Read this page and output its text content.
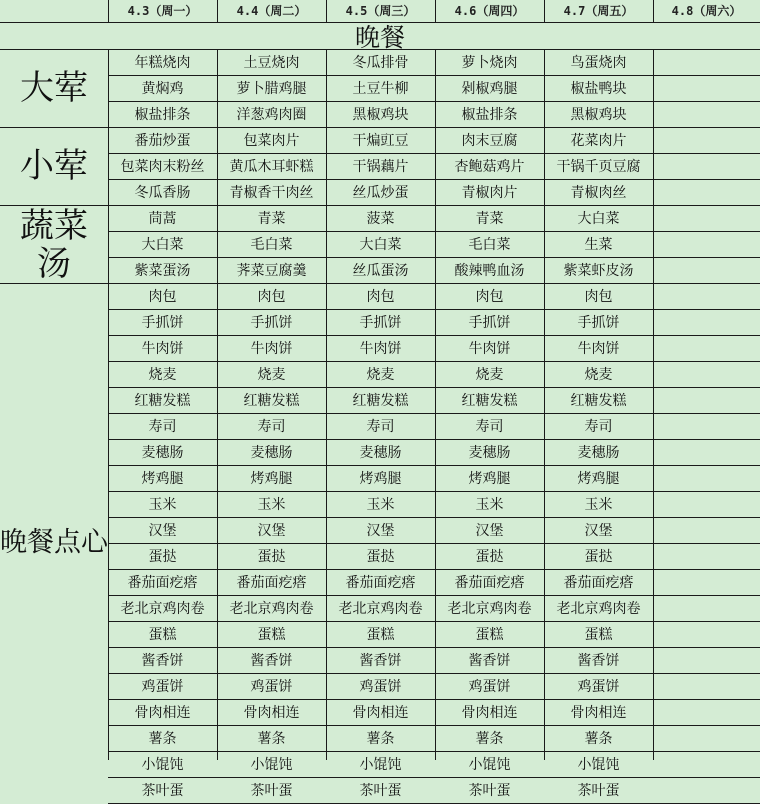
晚餐
4.3（周一）	4.4（周二）	4.5（周三）	4.6（周四）	4.7（周五）	4.8（周六）
年糕烧肉	土豆烧肉	冬瓜排骨	萝卜烧肉	鸟蛋烧肉
黄焖鸡	萝卜腊鸡腿	土豆牛柳	剁椒鸡腿	椒盐鸭块
椒盐排条	洋葱鸡肉圈	黑椒鸡块	椒盐排条	黑椒鸡块
大荤
番茄炒蛋	包菜肉片	干煸豇豆	肉末豆腐	花菜肉片
包菜肉末粉丝	黄瓜木耳虾糕	干锅藕片	杏鲍菇鸡片	干锅千页豆腐
冬瓜香肠	青椒香干肉丝	丝瓜炒蛋	青椒肉片	青椒肉丝
小荤
茼蒿	青菜	菠菜	青菜	大白菜
大白菜	毛白菜	大白菜	毛白菜	生菜
紫菜蛋汤	荠菜豆腐羹	丝瓜蛋汤	酸辣鸭血汤	紫菜虾皮汤
蔬菜汤
肉包	肉包	肉包	肉包	肉包
手抓饼	手抓饼	手抓饼	手抓饼	手抓饼
牛肉饼	牛肉饼	牛肉饼	牛肉饼	牛肉饼
烧麦	烧麦	烧麦	烧麦	烧麦
红糖发糕	红糖发糕	红糖发糕	红糖发糕	红糖发糕
寿司	寿司	寿司	寿司	寿司
麦穗肠	麦穗肠	麦穗肠	麦穗肠	麦穗肠
烤鸡腿	烤鸡腿	烤鸡腿	烤鸡腿	烤鸡腿
玉米	玉米	玉米	玉米	玉米
汉堡	汉堡	汉堡	汉堡	汉堡
蛋挞	蛋挞	蛋挞	蛋挞	蛋挞
番茄面疙瘩	番茄面疙瘩	番茄面疙瘩	番茄面疙瘩	番茄面疙瘩
老北京鸡肉卷	老北京鸡肉卷	老北京鸡肉卷	老北京鸡肉卷	老北京鸡肉卷
蛋糕	蛋糕	蛋糕	蛋糕	蛋糕
酱香饼	酱香饼	酱香饼	酱香饼	酱香饼
鸡蛋饼	鸡蛋饼	鸡蛋饼	鸡蛋饼	鸡蛋饼
骨肉相连	骨肉相连	骨肉相连	骨肉相连	骨肉相连
薯条	薯条	薯条	薯条	薯条
小馄饨	小馄饨	小馄饨	小馄饨	小馄饨
茶叶蛋	茶叶蛋	茶叶蛋	茶叶蛋	茶叶蛋
晚餐点心
